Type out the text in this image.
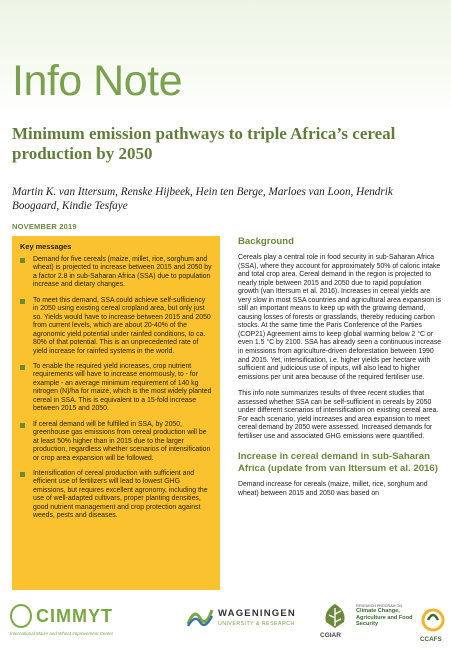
Info Note
Minimum emission pathways to triple Africa’s cereal production by 2050
Martin K. van Ittersum, Renske Hijbeek, Hein ten Berge, Marloes van Loon, Hendrik Boogaard, Kindie Tesfaye
NOVEMBER 2019
Key messages
Demand for five cereals (maize, millet, rice, sorghum and wheat) is projected to increase between 2015 and 2050 by a factor 2.8 in sub-Saharan Africa (SSA) due to population increase and dietary changes.
To meet this demand, SSA could achieve self-sufficiency in 2050 using existing cereal cropland area, but only just so. Yields would have to increase between 2015 and 2050 from current levels, which are about 20-40% of the agronomic yield potential under rainfed conditions, to ca. 80% of that potential. This is an unprecedented rate of yield increase for rainfed systems in the world.
To enable the required yield increases, crop nutrient requirements will have to increase enormously, to - for example - an average minimum requirement of 140 kg nitrogen (N)/ha for maize, which is the most widely planted cereal in SSA. This is equivalent to a 15-fold increase between 2015 and 2050.
If cereal demand will be fulfilled in SSA, by 2050, greenhouse gas emissions from cereal production will be at least 50% higher than in 2015 due to the larger production, regardless whether scenarios of intensification or crop area expansion will be followed.
Intensification of cereal production with sufficient and efficient use of fertilizers will lead to lowest GHG emissions, but requires excellent agronomy, including the use of well-adapted cultivars, proper planting densities, good nutrient management and crop protection against weeds, pests and diseases.
Background

Cereals play a central role in food security in sub-Saharan Africa (SSA), where they account for approximately 50% of caloric intake and total crop area. Cereal demand in the region is projected to nearly triple between 2015 and 2050 due to rapid population growth (van Ittersum et al. 2016). Increases in cereal yields are very slow in most SSA countries and agricultural area expansion is still an important means to keep up with the growing demand, causing losses of forests or grasslands, thereby reducing carbon stocks. At the same time the Paris Conference of the Parties (COP21) Agreement aims to keep global warming below 2 °C or even 1.5 °C by 2100. SSA has already seen a continuous increase in emissions from agriculture-driven deforestation between 1990 and 2015. Yet, intensification, i.e. higher yields per hectare with sufficient and judicious use of inputs, will also lead to higher emissions per unit area because of the required fertiliser use.

This info note summarizes results of three recent studies that assessed whether SSA can be self-sufficient in cereals by 2050 under different scenarios of intensification on existing cereal area. For each scenario, yield increases and area expansion to meet cereal demand by 2050 were assessed. Increased demands for fertiliser use and associated GHG emissions were quantified.

Increase in cereal demand in sub-Saharan Africa (update from van Ittersum et al. 2016)

Demand increase for cereals (maize, millet, rice, sorghum and wheat) between 2015 and 2050 was based on

CIMMYT
International Maize and Wheat Improvement Center
WAGENINGEN
UNIVERSITY & RESEARCH
CGIAR
RESEARCH PROGRAM ON
Climate Change, Agriculture and Food Security
CCAFS
